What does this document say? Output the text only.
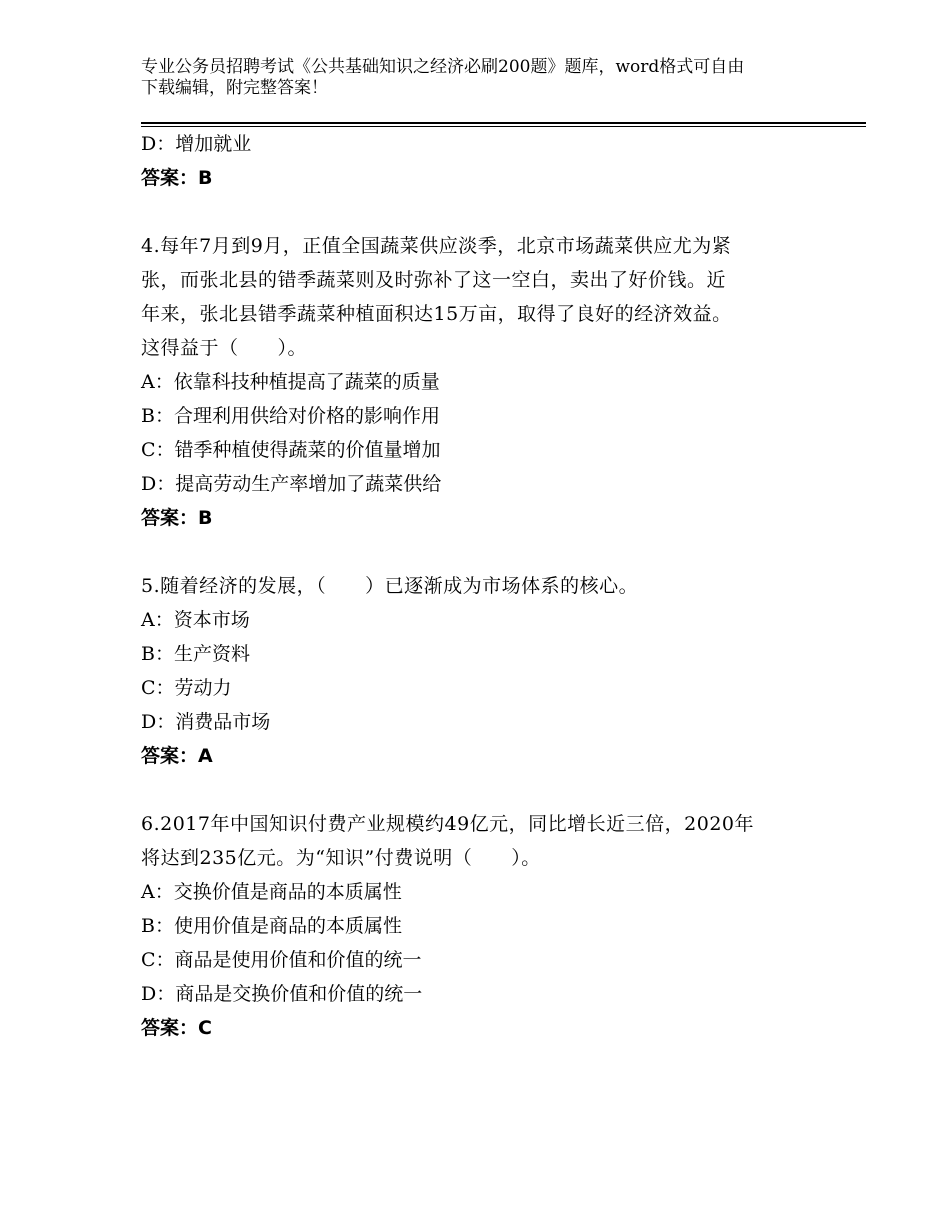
专业公务员招聘考试《公共基础知识之经济必刷200题》题库，word格式可自由
下载编辑，附完整答案！
D：增加就业
答案：B
4.每年7月到9月，正值全国蔬菜供应淡季，北京市场蔬菜供应尤为紧
张，而张北县的错季蔬菜则及时弥补了这一空白，卖出了好价钱。近
年来，张北县错季蔬菜种植面积达15万亩，取得了良好的经济效益。
这得益于（　　）。
A：依靠科技种植提高了蔬菜的质量
B：合理利用供给对价格的影响作用
C：错季种植使得蔬菜的价值量增加
D：提高劳动生产率增加了蔬菜供给
答案：B
5.随着经济的发展，（　　）已逐渐成为市场体系的核心。
A：资本市场
B：生产资料
C：劳动力
D：消费品市场
答案：A
6.2017年中国知识付费产业规模约49亿元，同比增长近三倍，2020年
将达到235亿元。为“知识”付费说明（　　）。
A：交换价值是商品的本质属性
B：使用价值是商品的本质属性
C：商品是使用价值和价值的统一
D：商品是交换价值和价值的统一
答案：C
